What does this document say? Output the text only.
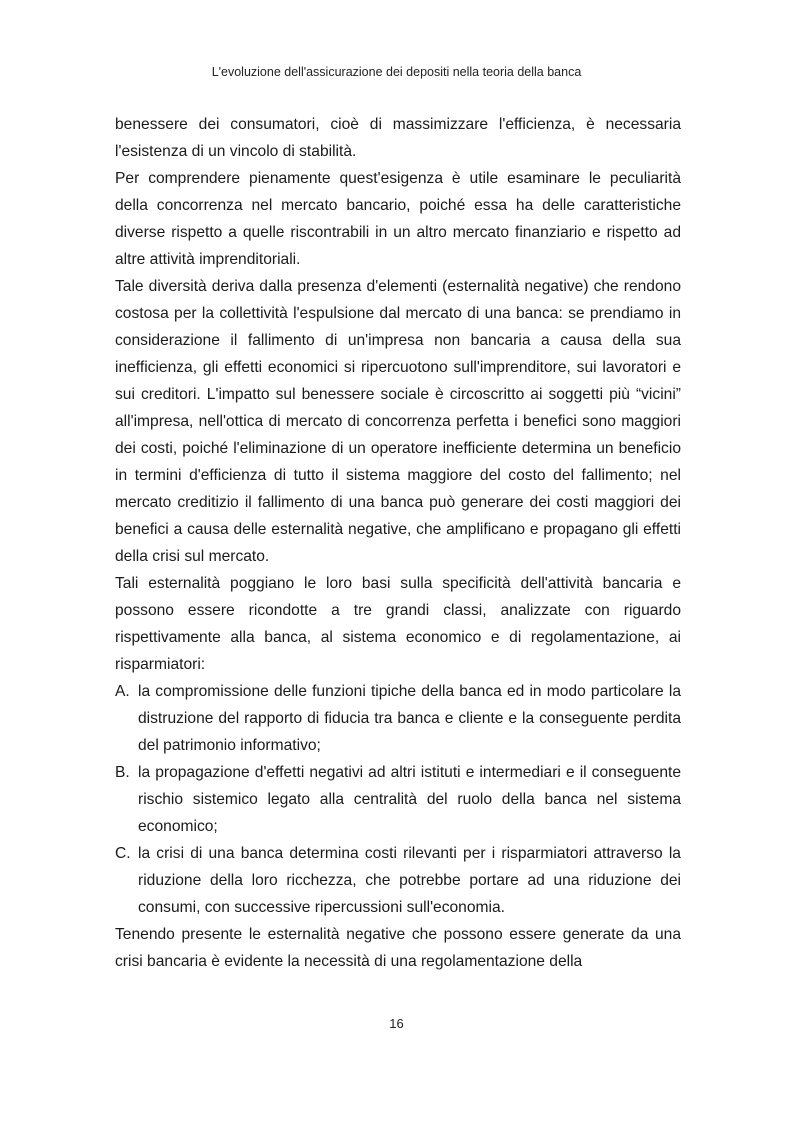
L'evoluzione dell'assicurazione dei depositi nella teoria della banca

benessere dei consumatori, cioè di massimizzare l'efficienza, è necessaria l'esistenza di un vincolo di stabilità.

Per comprendere pienamente quest'esigenza è utile esaminare le peculiarità della concorrenza nel mercato bancario, poiché essa ha delle caratteristiche diverse rispetto a quelle riscontrabili in un altro mercato finanziario e rispetto ad altre attività imprenditoriali.

Tale diversità deriva dalla presenza d'elementi (esternalità negative) che rendono costosa per la collettività l'espulsione dal mercato di una banca: se prendiamo in considerazione il fallimento di un'impresa non bancaria a causa della sua inefficienza, gli effetti economici si ripercuotono sull'imprenditore, sui lavoratori e sui creditori. L'impatto sul benessere sociale è circoscritto ai soggetti più “vicini” all'impresa, nell'ottica di mercato di concorrenza perfetta i benefici sono maggiori dei costi, poiché l'eliminazione di un operatore inefficiente determina un beneficio in termini d'efficienza di tutto il sistema maggiore del costo del fallimento; nel mercato creditizio il fallimento di una banca può generare dei costi maggiori dei benefici a causa delle esternalità negative, che amplificano e propagano gli effetti della crisi sul mercato.

Tali esternalità poggiano le loro basi sulla specificità dell'attività bancaria e possono essere ricondotte a tre grandi classi, analizzate con riguardo rispettivamente alla banca, al sistema economico e di regolamentazione, ai risparmiatori:

A. la compromissione delle funzioni tipiche della banca ed in modo particolare la distruzione del rapporto di fiducia tra banca e cliente e la conseguente perdita del patrimonio informativo;
B. la propagazione d'effetti negativi ad altri istituti e intermediari e il conseguente rischio sistemico legato alla centralità del ruolo della banca nel sistema economico;
C. la crisi di una banca determina costi rilevanti per i risparmiatori attraverso la riduzione della loro ricchezza, che potrebbe portare ad una riduzione dei consumi, con successive ripercussioni sull'economia.

Tenendo presente le esternalità negative che possono essere generate da una crisi bancaria è evidente la necessità di una regolamentazione della

16
